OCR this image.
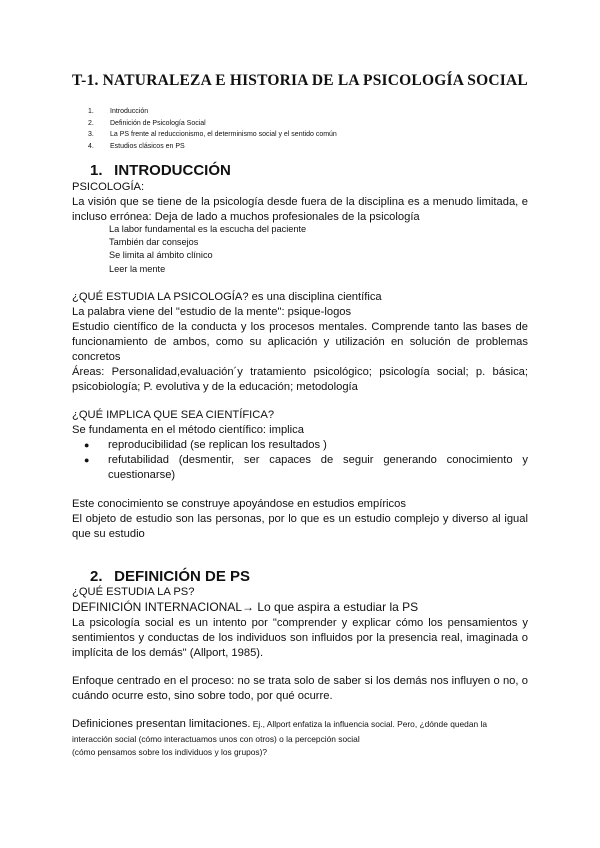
T-1. NATURALEZA E HISTORIA DE LA PSICOLOGÍA SOCIAL
1.	Introducción
2.	Definición de Psicología Social
3.	La PS frente al reduccionismo, el determinismo social y el sentido común
4.	Estudios clásicos en PS
1. INTRODUCCIÓN
PSICOLOGÍA:
La visión que se tiene de la psicología desde fuera de la disciplina es a menudo limitada, e
incluso errónea: Deja de lado a muchos profesionales de la psicología
La labor fundamental es la escucha del paciente
También dar consejos
Se limita al ámbito clínico
Leer la mente
¿QUÉ ESTUDIA LA PSICOLOGÍA? es una disciplina científica
La palabra viene del "estudio de la mente": psique-logos
Estudio científico de la conducta y los procesos mentales. Comprende tanto las bases de
funcionamiento de ambos, como su aplicación y utilización en solución de problemas
concretos
Áreas: Personalidad,evaluación´y tratamiento psicológico; psicología social; p. básica;
psicobiología; P. evolutiva y de la educación; metodología
¿QUÉ IMPLICA QUE SEA CIENTÍFICA?
Se fundamenta en el método científico: implica
● reproducibilidad (se replican los resultados )
● refutabilidad (desmentir, ser capaces de seguir generando conocimiento y
cuestionarse)
Este conocimiento se construye apoyándose en estudios empíricos
El objeto de estudio son las personas, por lo que es un estudio complejo y diverso al igual
que su estudio
2. DEFINICIÓN DE PS
¿QUÉ ESTUDIA LA PS?
DEFINICIÓN INTERNACIONAL→ Lo que aspira a estudiar la PS
La psicología social es un intento por "comprender y explicar cómo los pensamientos y
sentimientos y conductas de los individuos son influidos por la presencia real, imaginada o
implícita de los demás" (Allport, 1985).
Enfoque centrado en el proceso: no se trata solo de saber si los demás nos influyen o no, o
cuándo ocurre esto, sino sobre todo, por qué ocurre.
Definiciones presentan limitaciones. Ej., Allport enfatiza la influencia social. Pero, ¿dónde quedan la
interacción social (cómo interactuamos unos con otros) o la percepción social
(cómo pensamos sobre los individuos y los grupos)?
